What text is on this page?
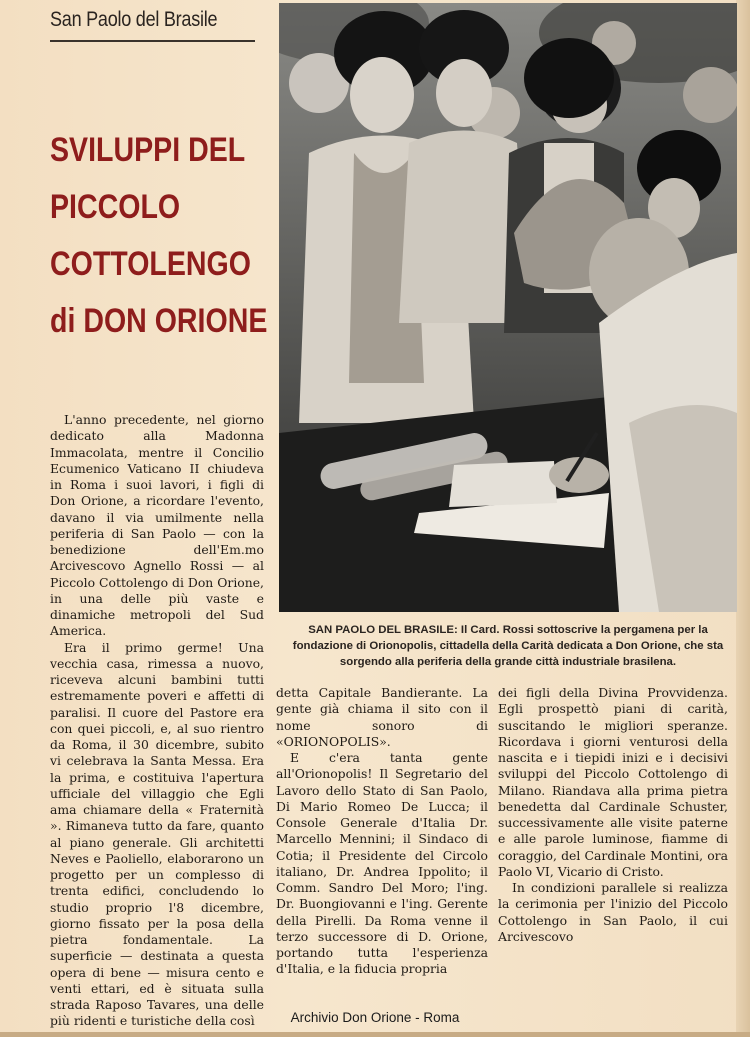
San Paolo del Brasile
SVILUPPI DEL
PICCOLO
COTTOLENGO
di DON ORIONE
SAN PAOLO DEL BRASILE: Il Card. Rossi sottoscrive la pergamena per la fondazione di Orionopolis, cittadella della Carità dedicata a Don Orione, che sta sorgendo alla periferia della grande città industriale brasilena.

L'anno precedente, nel giorno dedicato alla Madonna Immacolata, mentre il Concilio Ecumenico Vaticano II chiudeva in Roma i suoi lavori, i figli di Don Orione, a ricordare l'evento, davano il via umilmente nella periferia di San Paolo — con la benedizione dell'Em.mo Arcivescovo Agnello Rossi — al Piccolo Cottolengo di Don Orione, in una delle più vaste e dinamiche metropoli del Sud America.

Era il primo germe! Una vecchia casa, rimessa a nuovo, riceveva alcuni bambini tutti estremamente poveri e affetti di paralisi. Il cuore del Pastore era con quei piccoli, e, al suo rientro da Roma, il 30 dicembre, subito vi celebrava la Santa Messa. Era la prima, e costituiva l'apertura ufficiale del villaggio che Egli ama chiamare della « Fraternità ». Rimaneva tutto da fare, quanto al piano generale. Gli architetti Neves e Paoliello, elaborarono un progetto per un complesso di trenta edifici, concludendo lo studio proprio l'8 dicembre, giorno fissato per la posa della pietra fondamentale. La superficie — destinata a questa opera di bene — misura cento e venti ettari, ed è situata sulla strada Raposo Tavares, una delle più ridenti e turistiche della così

detta Capitale Bandierante. La gente già chiama il sito con il nome sonoro di «ORIONOPOLIS».

E c'era tanta gente all'Orionopolis! Il Segretario del Lavoro dello Stato di San Paolo, Di Mario Romeo De Lucca; il Console Generale d'Italia Dr. Marcello Mennini; il Sindaco di Cotia; il Presidente del Circolo italiano, Dr. Andrea Ippolito; il Comm. Sandro Del Moro; l'ing. Dr. Buongiovanni e l'ing. Gerente della Pirelli. Da Roma venne il terzo successore di D. Orione, portando tutta l'esperienza d'Italia, e la fiducia propria

dei figli della Divina Provvidenza. Egli prospettò piani di carità, suscitando le migliori speranze. Ricordava i giorni venturosi della nascita e i tiepidi inizi e i decisivi sviluppi del Piccolo Cottolengo di Milano. Riandava alla prima pietra benedetta dal Cardinale Schuster, successivamente alle visite paterne e alle parole luminose, fiamme di coraggio, del Cardinale Montini, ora Paolo VI, Vicario di Cristo.

In condizioni parallele si realizza la cerimonia per l'inizio del Piccolo Cottolengo in San Paolo, il cui Arcivescovo

Archivio Don Orione - Roma
